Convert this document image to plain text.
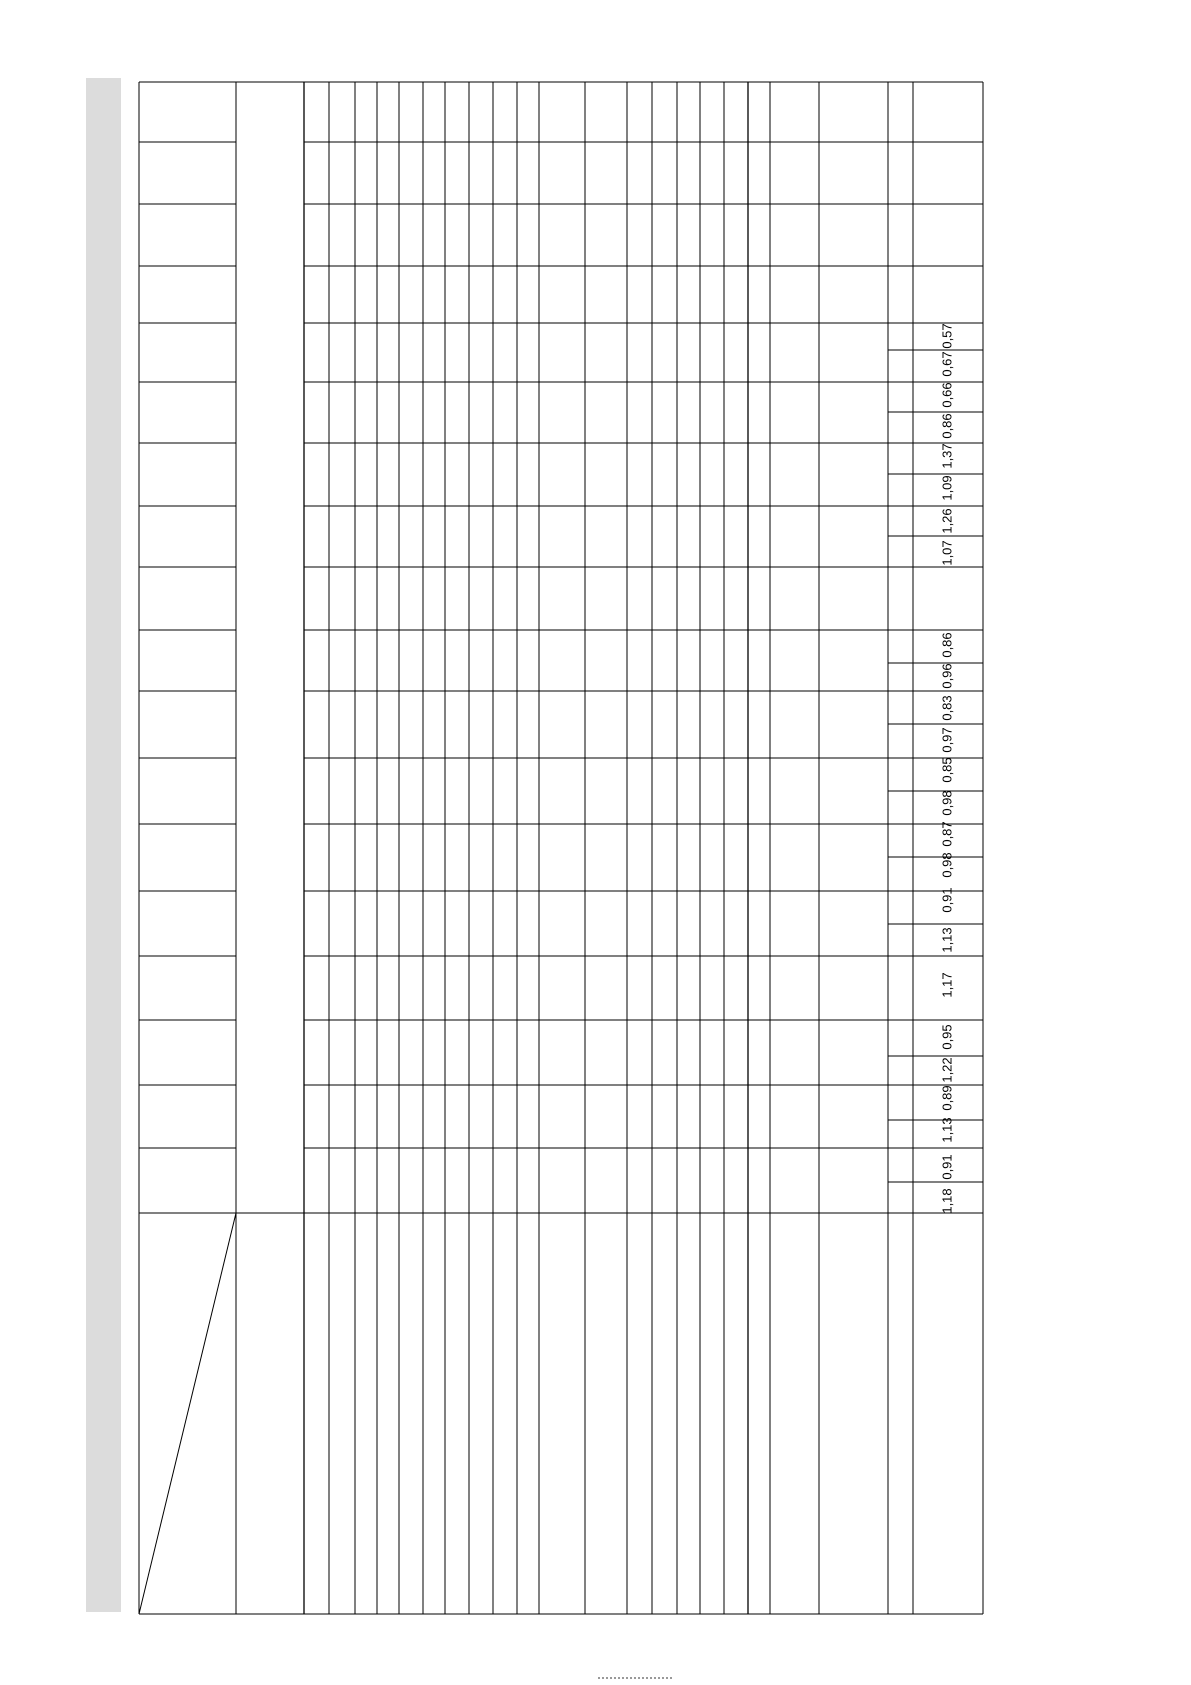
1,18
0,91
1,13
0,89
1,22
0,95
1,17
1,13
0,91
0,98
0,87
0,98
0,85
0,97
0,83
0,96
0,86
1,07
1,26
1,09
1,37
0,86
0,66
0,67
0,57
